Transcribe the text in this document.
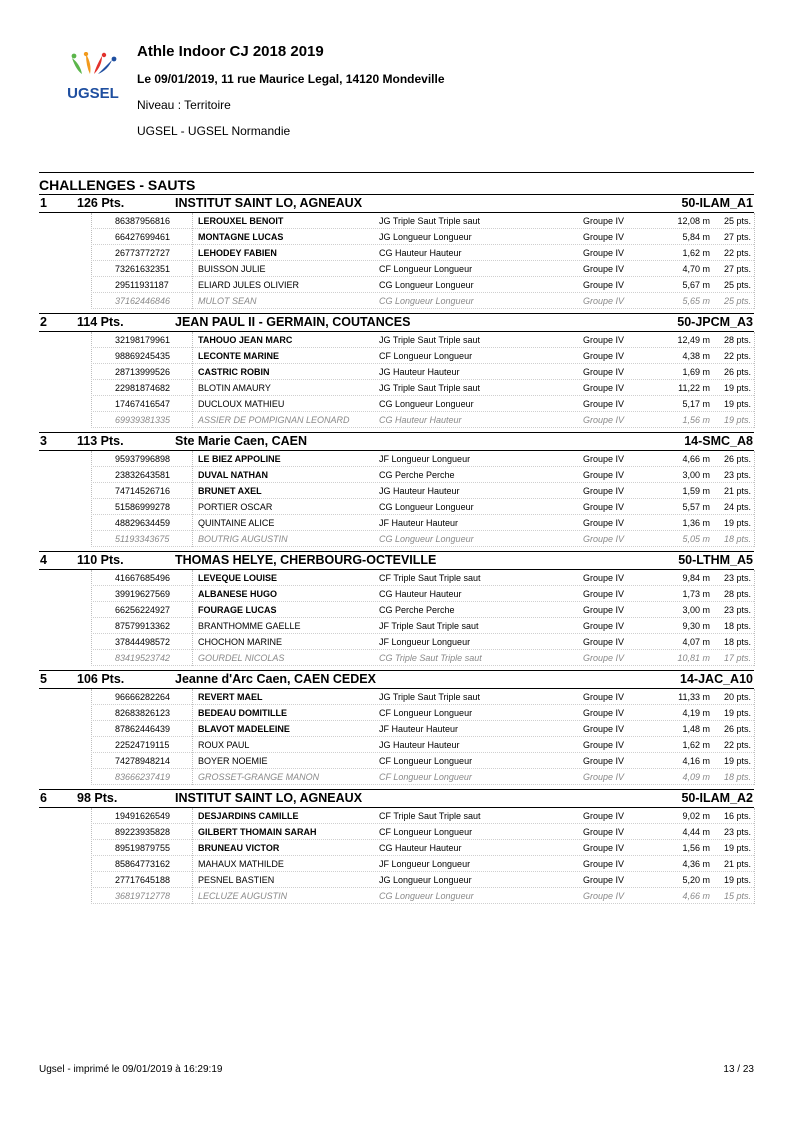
UGSEL
Athle Indoor CJ 2018 2019
Le 09/01/2019, 11 rue Maurice Legal, 14120 Mondeville
Niveau : Territoire
UGSEL - UGSEL Normandie
CHALLENGES - SAUTS
1 126 Pts.	INSTITUT SAINT LO, AGNEAUX	50-ILAM_A1
86387956816	LEROUXEL BENOIT	JG Triple Saut Triple saut	Groupe IV	12,08 m 25 pts.
66427699461	MONTAGNE LUCAS	JG Longueur Longueur	Groupe IV	5,84 m 27 pts.
26773772727	LEHODEY FABIEN	CG Hauteur Hauteur	Groupe IV	1,62 m 22 pts.
73261632351	BUISSON JULIE	CF Longueur Longueur	Groupe IV	4,70 m 27 pts.
29511931187	ELIARD JULES OLIVIER	CG Longueur Longueur	Groupe IV	5,67 m 25 pts.
37162446846	MULOT SEAN	CG Longueur Longueur	Groupe IV	5,65 m 25 pts.
2 114 Pts.	JEAN PAUL II - GERMAIN, COUTANCES	50-JPCM_A3
32198179961	TAHOUO JEAN MARC	JG Triple Saut Triple saut	Groupe IV	12,49 m 28 pts.
98869245435	LECONTE MARINE	CF Longueur Longueur	Groupe IV	4,38 m 22 pts.
28713999526	CASTRIC ROBIN	JG Hauteur Hauteur	Groupe IV	1,69 m 26 pts.
22981874682	BLOTIN AMAURY	JG Triple Saut Triple saut	Groupe IV	11,22 m 19 pts.
17467416547	DUCLOUX MATHIEU	CG Longueur Longueur	Groupe IV	5,17 m 19 pts.
69939381335	ASSIER DE POMPIGNAN LEONARD	CG Hauteur Hauteur	Groupe IV	1,56 m 19 pts.
3 113 Pts.	Ste Marie Caen, CAEN	14-SMC_A8
95937996898	LE BIEZ APPOLINE	JF Longueur Longueur	Groupe IV	4,66 m 26 pts.
23832643581	DUVAL NATHAN	CG Perche Perche	Groupe IV	3,00 m 23 pts.
74714526716	BRUNET AXEL	JG Hauteur Hauteur	Groupe IV	1,59 m 21 pts.
51586999278	PORTIER OSCAR	CG Longueur Longueur	Groupe IV	5,57 m 24 pts.
48829634459	QUINTAINE ALICE	JF Hauteur Hauteur	Groupe IV	1,36 m 19 pts.
51193343675	BOUTRIG AUGUSTIN	CG Longueur Longueur	Groupe IV	5,05 m 18 pts.
4 110 Pts.	THOMAS HELYE, CHERBOURG-OCTEVILLE	50-LTHM_A5
41667685496	LEVEQUE LOUISE	CF Triple Saut Triple saut	Groupe IV	9,84 m 23 pts.
39919627569	ALBANESE HUGO	CG Hauteur Hauteur	Groupe IV	1,73 m 28 pts.
66256224927	FOURAGE LUCAS	CG Perche Perche	Groupe IV	3,00 m 23 pts.
87579913362	BRANTHOMME GAELLE	JF Triple Saut Triple saut	Groupe IV	9,30 m 18 pts.
37844498572	CHOCHON MARINE	JF Longueur Longueur	Groupe IV	4,07 m 18 pts.
83419523742	GOURDEL NICOLAS	CG Triple Saut Triple saut	Groupe IV	10,81 m 17 pts.
5 106 Pts.	Jeanne d'Arc Caen, CAEN CEDEX	14-JAC_A10
96666282264	REVERT MAEL	JG Triple Saut Triple saut	Groupe IV	11,33 m 20 pts.
82683826123	BEDEAU DOMITILLE	CF Longueur Longueur	Groupe IV	4,19 m 19 pts.
87862446439	BLAVOT MADELEINE	JF Hauteur Hauteur	Groupe IV	1,48 m 26 pts.
22524719115	ROUX PAUL	JG Hauteur Hauteur	Groupe IV	1,62 m 22 pts.
74278948214	BOYER NOEMIE	CF Longueur Longueur	Groupe IV	4,16 m 19 pts.
83666237419	GROSSET-GRANGE MANON	CF Longueur Longueur	Groupe IV	4,09 m 18 pts.
6 98 Pts.	INSTITUT SAINT LO, AGNEAUX	50-ILAM_A2
19491626549	DESJARDINS CAMILLE	CF Triple Saut Triple saut	Groupe IV	9,02 m 16 pts.
89223935828	GILBERT THOMAIN SARAH	CF Longueur Longueur	Groupe IV	4,44 m 23 pts.
89519879755	BRUNEAU VICTOR	CG Hauteur Hauteur	Groupe IV	1,56 m 19 pts.
85864773162	MAHAUX MATHILDE	JF Longueur Longueur	Groupe IV	4,36 m 21 pts.
27717645188	PESNEL BASTIEN	JG Longueur Longueur	Groupe IV	5,20 m 19 pts.
36819712778	LECLUZE AUGUSTIN	CG Longueur Longueur	Groupe IV	4,66 m 15 pts.
Ugsel - imprimé le 09/01/2019 à 16:29:19	13 / 23
